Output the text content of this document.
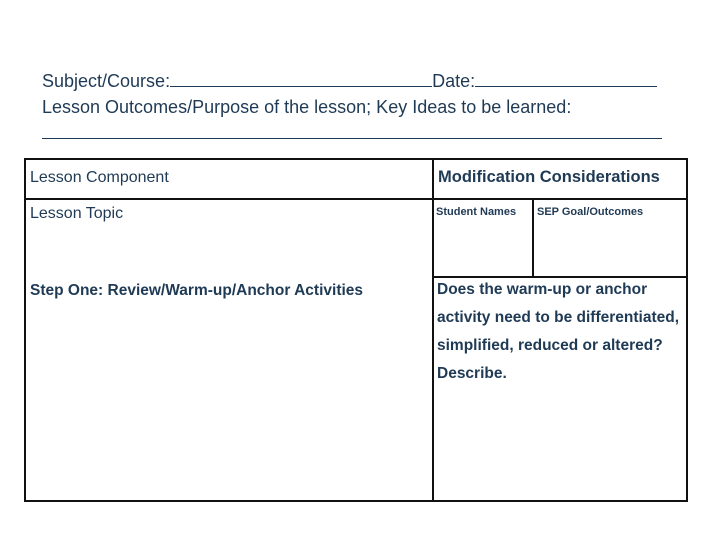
Subject/Course:	Date:
Lesson Outcomes/Purpose of the lesson; Key Ideas to be learned:
Lesson Component	Modification Considerations
Lesson Topic	Student Names	SEP Goal/Outcomes
Step One: Review/Warm-up/Anchor Activities	Does the warm-up or anchor activity need to be differentiated, simplified, reduced or altered? Describe.
